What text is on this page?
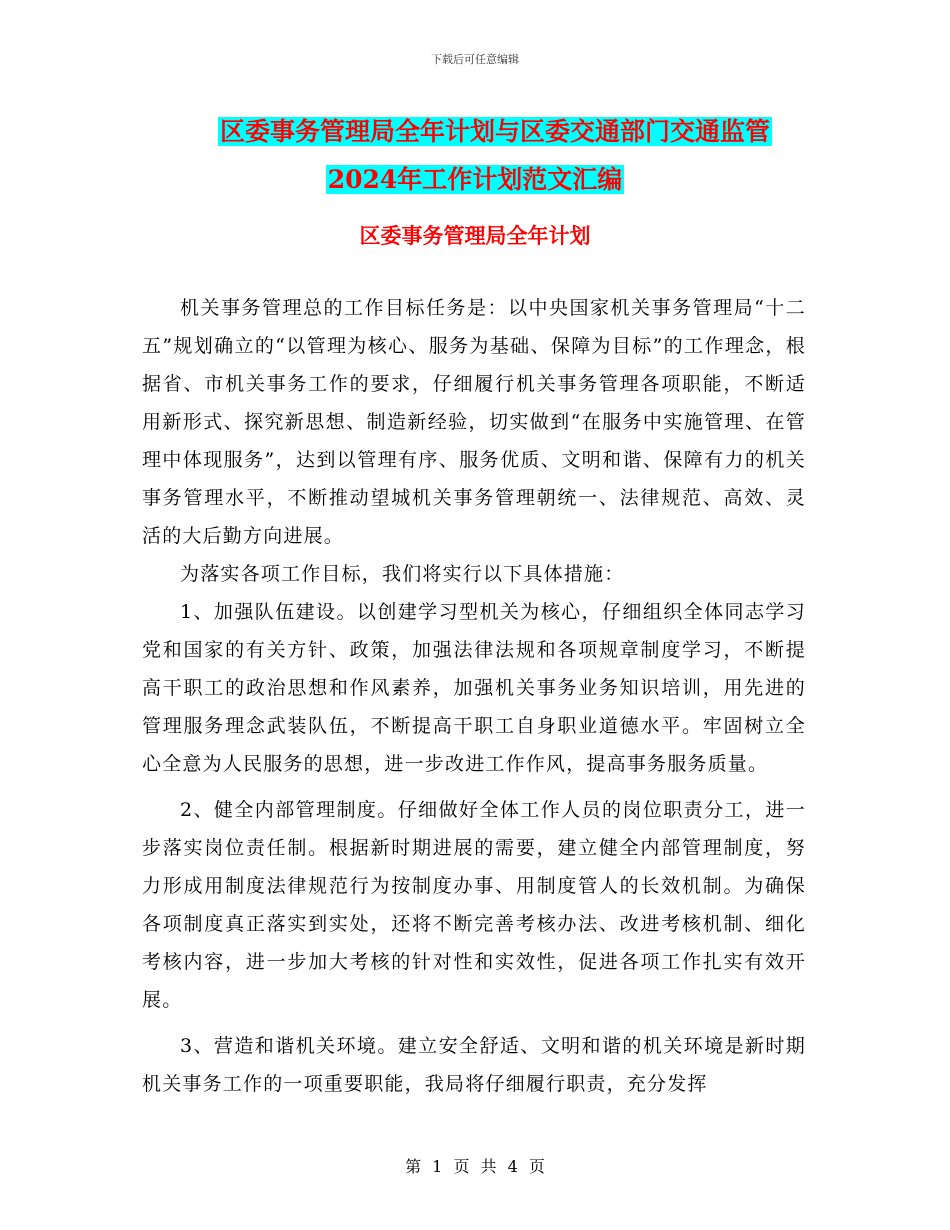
下载后可任意编辑
区委事务管理局全年计划与区委交通部门交通监管
2024年工作计划范文汇编
区委事务管理局全年计划

机关事务管理总的工作目标任务是：以中央国家机关事务管理局“十二五”规划确立的“以管理为核心、服务为基础、保障为目标”的工作理念，根据省、市机关事务工作的要求，仔细履行机关事务管理各项职能，不断适用新形式、探究新思想、制造新经验，切实做到“在服务中实施管理、在管理中体现服务”，达到以管理有序、服务优质、文明和谐、保障有力的机关事务管理水平，不断推动望城机关事务管理朝统一、法律规范、高效、灵活的大后勤方向进展。

为落实各项工作目标，我们将实行以下具体措施：

1、加强队伍建设。以创建学习型机关为核心，仔细组织全体同志学习党和国家的有关方针、政策，加强法律法规和各项规章制度学习，不断提高干职工的政治思想和作风素养，加强机关事务业务知识培训，用先进的管理服务理念武装队伍，不断提高干职工自身职业道德水平。牢固树立全心全意为人民服务的思想，进一步改进工作作风，提高事务服务质量。

2、健全内部管理制度。仔细做好全体工作人员的岗位职责分工，进一步落实岗位责任制。根据新时期进展的需要，建立健全内部管理制度，努力形成用制度法律规范行为按制度办事、用制度管人的长效机制。为确保各项制度真正落实到实处，还将不断完善考核办法、改进考核机制、细化考核内容，进一步加大考核的针对性和实效性，促进各项工作扎实有效开展。

3、营造和谐机关环境。建立安全舒适、文明和谐的机关环境是新时期机关事务工作的一项重要职能，我局将仔细履行职责，充分发挥

第 1 页 共 4 页
